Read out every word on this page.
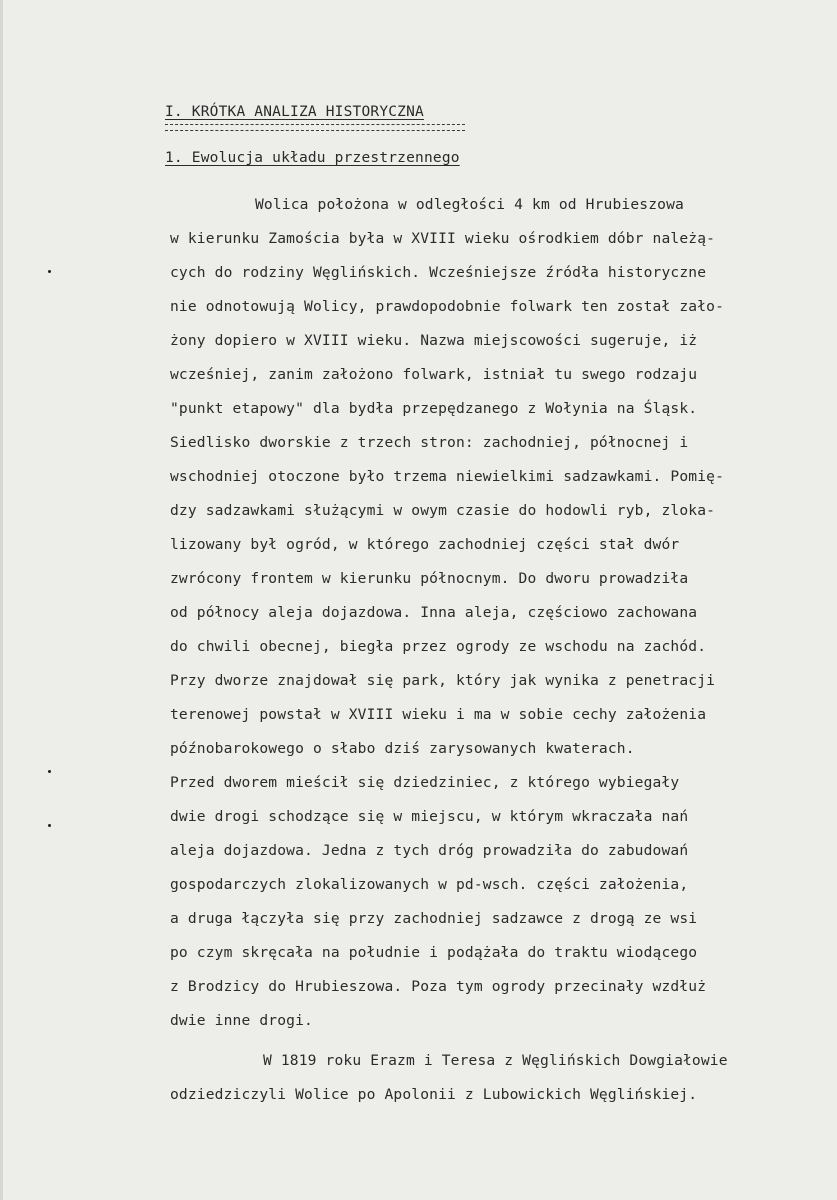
I. KRÓTKA ANALIZA HISTORYCZNA
1. Ewolucja układu przestrzennego
Wolica położona w odległości 4 km od Hrubieszowa
w kierunku Zamościa była w XVIII wieku ośrodkiem dóbr należą-
cych do rodziny Węglińskich. Wcześniejsze źródła historyczne
nie odnotowują Wolicy, prawdopodobnie folwark ten został zało-
żony dopiero w XVIII wieku. Nazwa miejscowości sugeruje, iż
wcześniej, zanim założono folwark, istniał tu swego rodzaju
"punkt etapowy" dla bydła przepędzanego z Wołynia na Śląsk.
Siedlisko dworskie z trzech stron: zachodniej, północnej i
wschodniej otoczone było trzema niewielkimi sadzawkami. Pomię-
dzy sadzawkami służącymi w owym czasie do hodowli ryb, zloka-
lizowany był ogród, w którego zachodniej części stał dwór
zwrócony frontem w kierunku północnym. Do dworu prowadziła
od północy aleja dojazdowa. Inna aleja, częściowo zachowana
do chwili obecnej, biegła przez ogrody ze wschodu na zachód.
Przy dworze znajdował się park, który jak wynika z penetracji
terenowej powstał w XVIII wieku i ma w sobie cechy założenia
późnobarokowego o słabo dziś zarysowanych kwaterach.
Przed dworem mieścił się dziedziniec, z którego wybiegały
dwie drogi schodzące się w miejscu, w którym wkraczała nań
aleja dojazdowa. Jedna z tych dróg prowadziła do zabudowań
gospodarczych zlokalizowanych w pd-wsch. części założenia,
a druga łączyła się przy zachodniej sadzawce z drogą ze wsi
po czym skręcała na południe i podążała do traktu wiodącego
z Brodzicy do Hrubieszowa. Poza tym ogrody przecinały wzdłuż
dwie inne drogi.
W 1819 roku Erazm i Teresa z Węglińskich Dowgiałowie
odziedziczyli Wolice po Apolonii z Lubowickich Węglińskiej.
